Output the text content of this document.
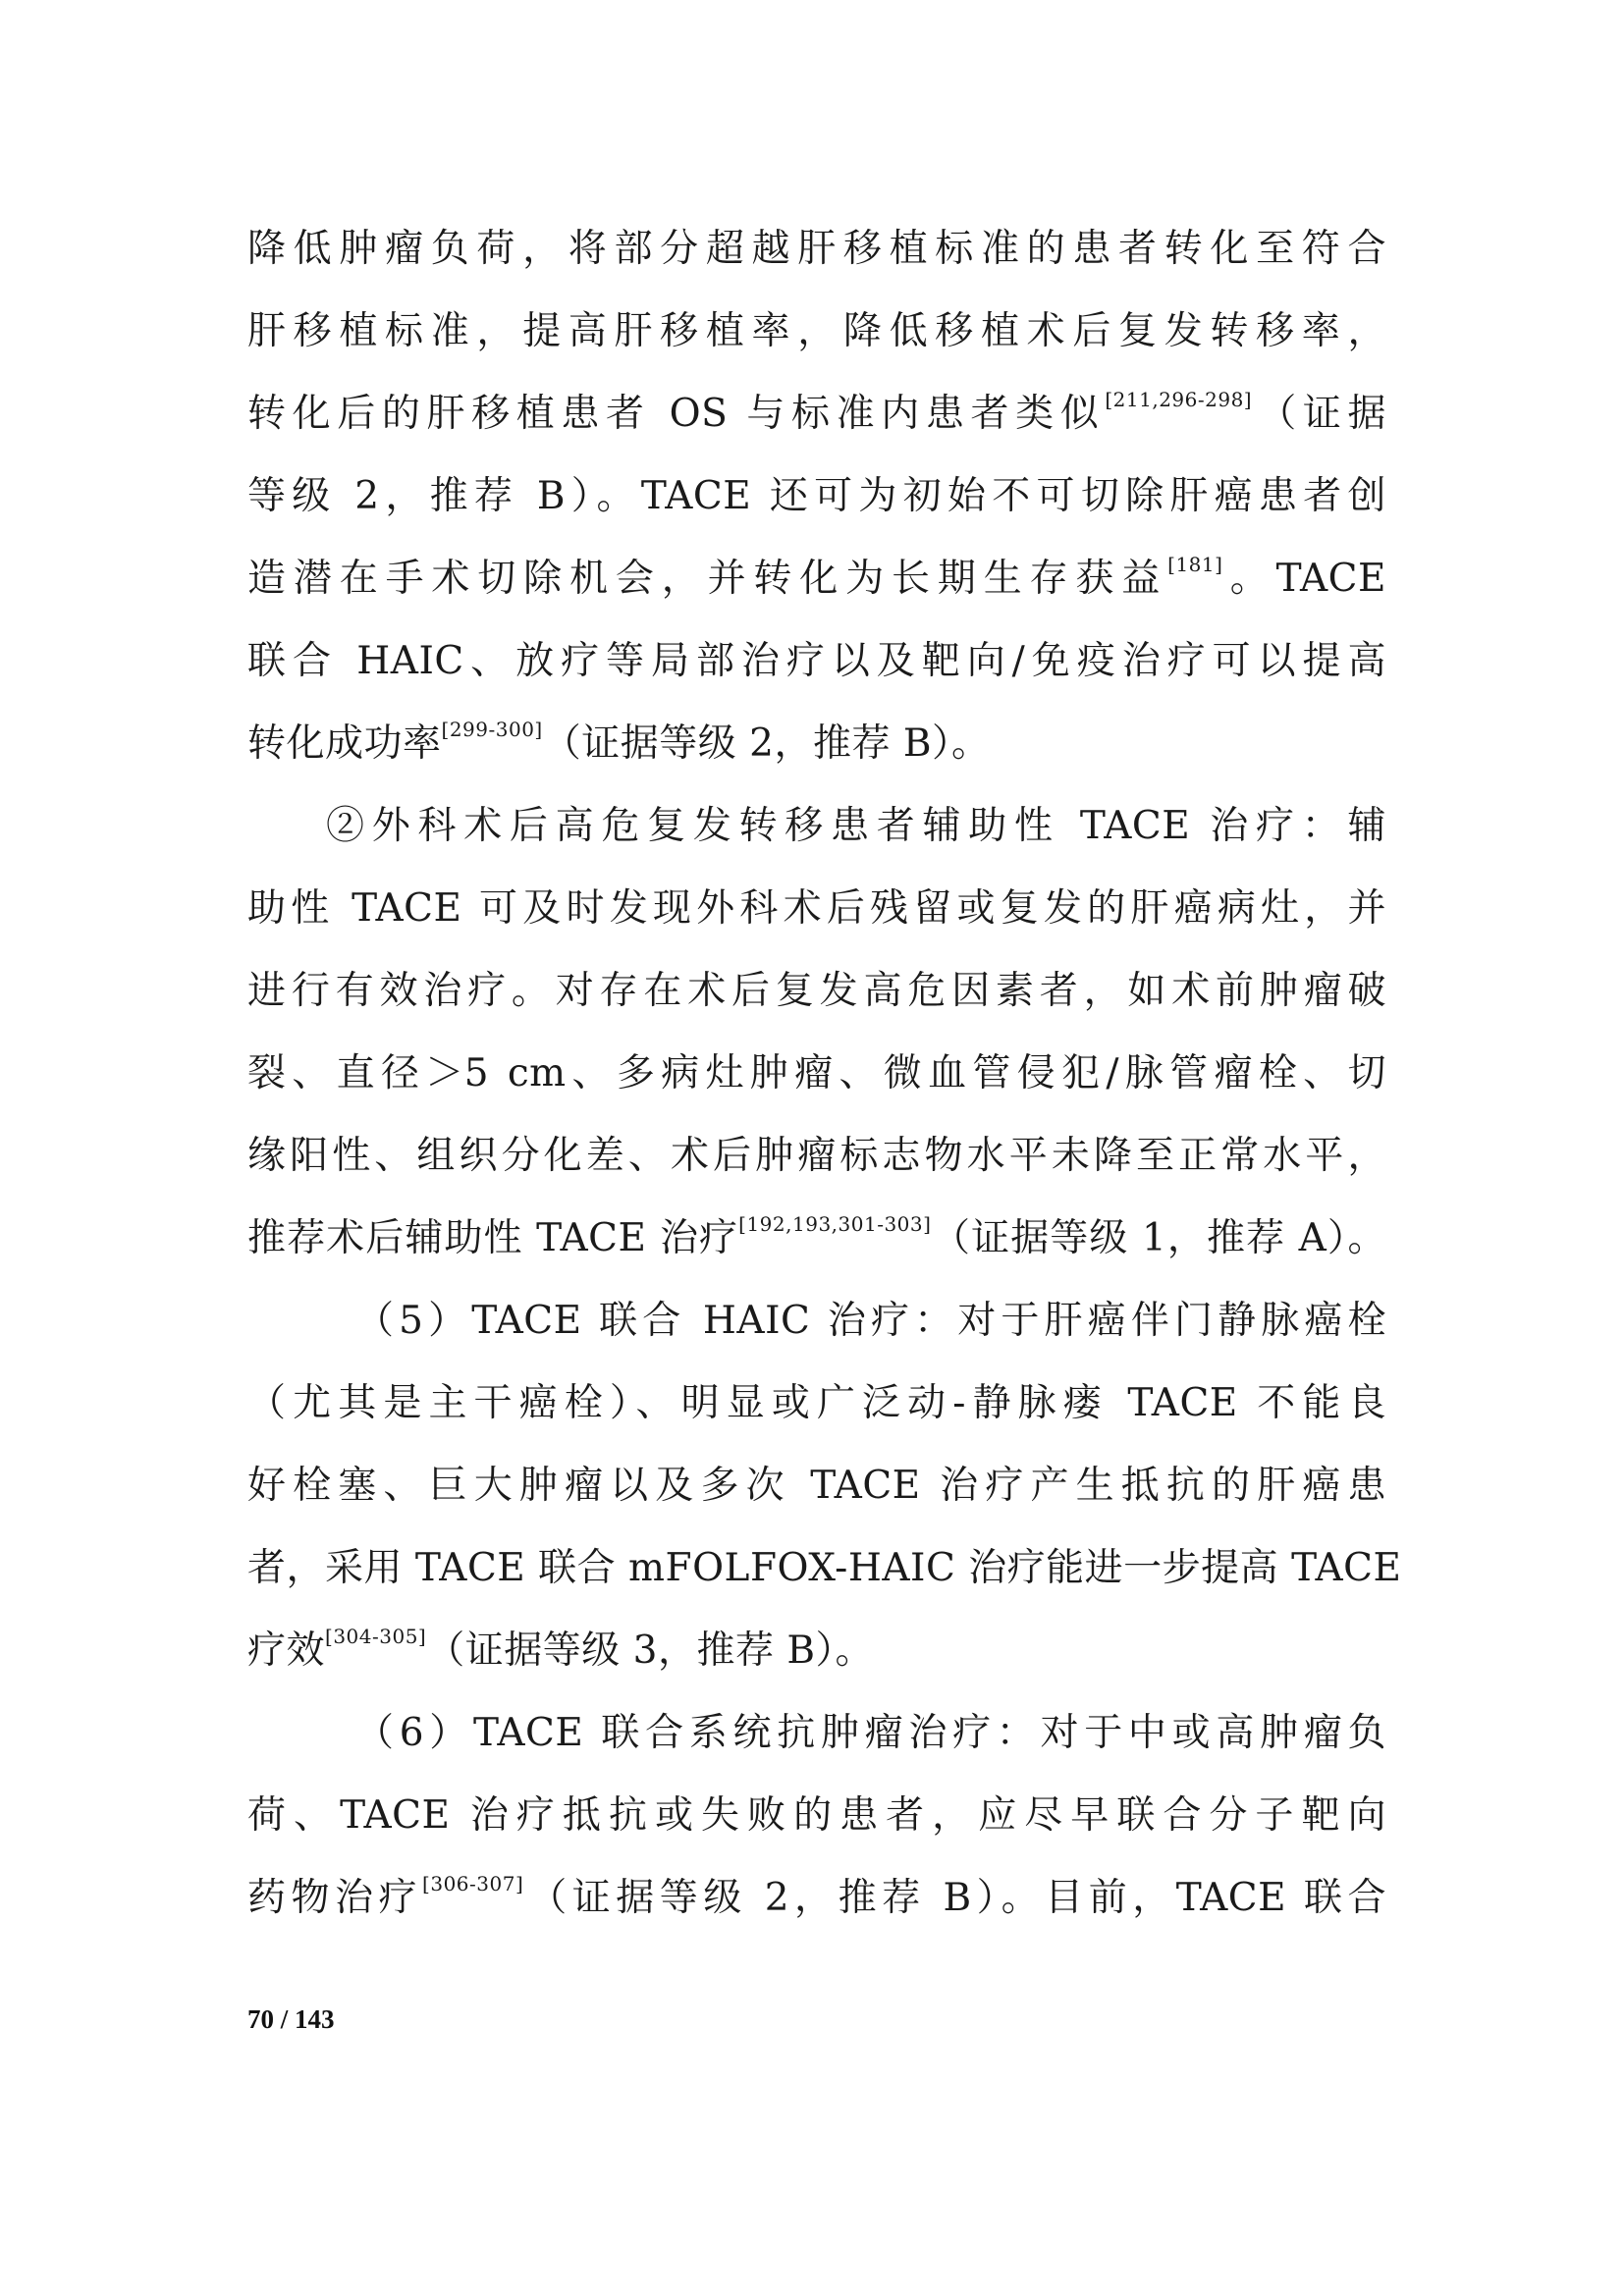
降低肿瘤负荷，将部分超越肝移植标准的患者转化至符合
肝移植标准，提高肝移植率，降低移植术后复发转移率，
转化后的肝移植患者 OS 与标准内患者类似[211,296-298]（证据
等级 2，推荐 B）。TACE 还可为初始不可切除肝癌患者创
造潜在手术切除机会，并转化为长期生存获益[181]。TACE
联合 HAIC、放疗等局部治疗以及靶向/免疫治疗可以提高
转化成功率[299-300]（证据等级 2，推荐 B）。
②外科术后高危复发转移患者辅助性 TACE 治疗：辅
助性 TACE 可及时发现外科术后残留或复发的肝癌病灶，并
进行有效治疗。对存在术后复发高危因素者，如术前肿瘤破
裂、直径＞5 cm、多病灶肿瘤、微血管侵犯/脉管瘤栓、切
缘阳性、组织分化差、术后肿瘤标志物水平未降至正常水平，
推荐术后辅助性 TACE 治疗[192,193,301-303]（证据等级 1，推荐 A）。
（5）TACE 联合 HAIC 治疗：对于肝癌伴门静脉癌栓
（尤其是主干癌栓）、明显或广泛动-静脉瘘 TACE 不能良
好栓塞、巨大肿瘤以及多次 TACE 治疗产生抵抗的肝癌患
者，采用 TACE 联合 mFOLFOX-HAIC 治疗能进一步提高 TACE
疗效[304-305]（证据等级 3，推荐 B）。
（6）TACE 联合系统抗肿瘤治疗：对于中或高肿瘤负
荷、TACE 治疗抵抗或失败的患者，应尽早联合分子靶向
药物治疗[306-307]（证据等级 2，推荐 B）。目前，TACE 联合
70 / 143
